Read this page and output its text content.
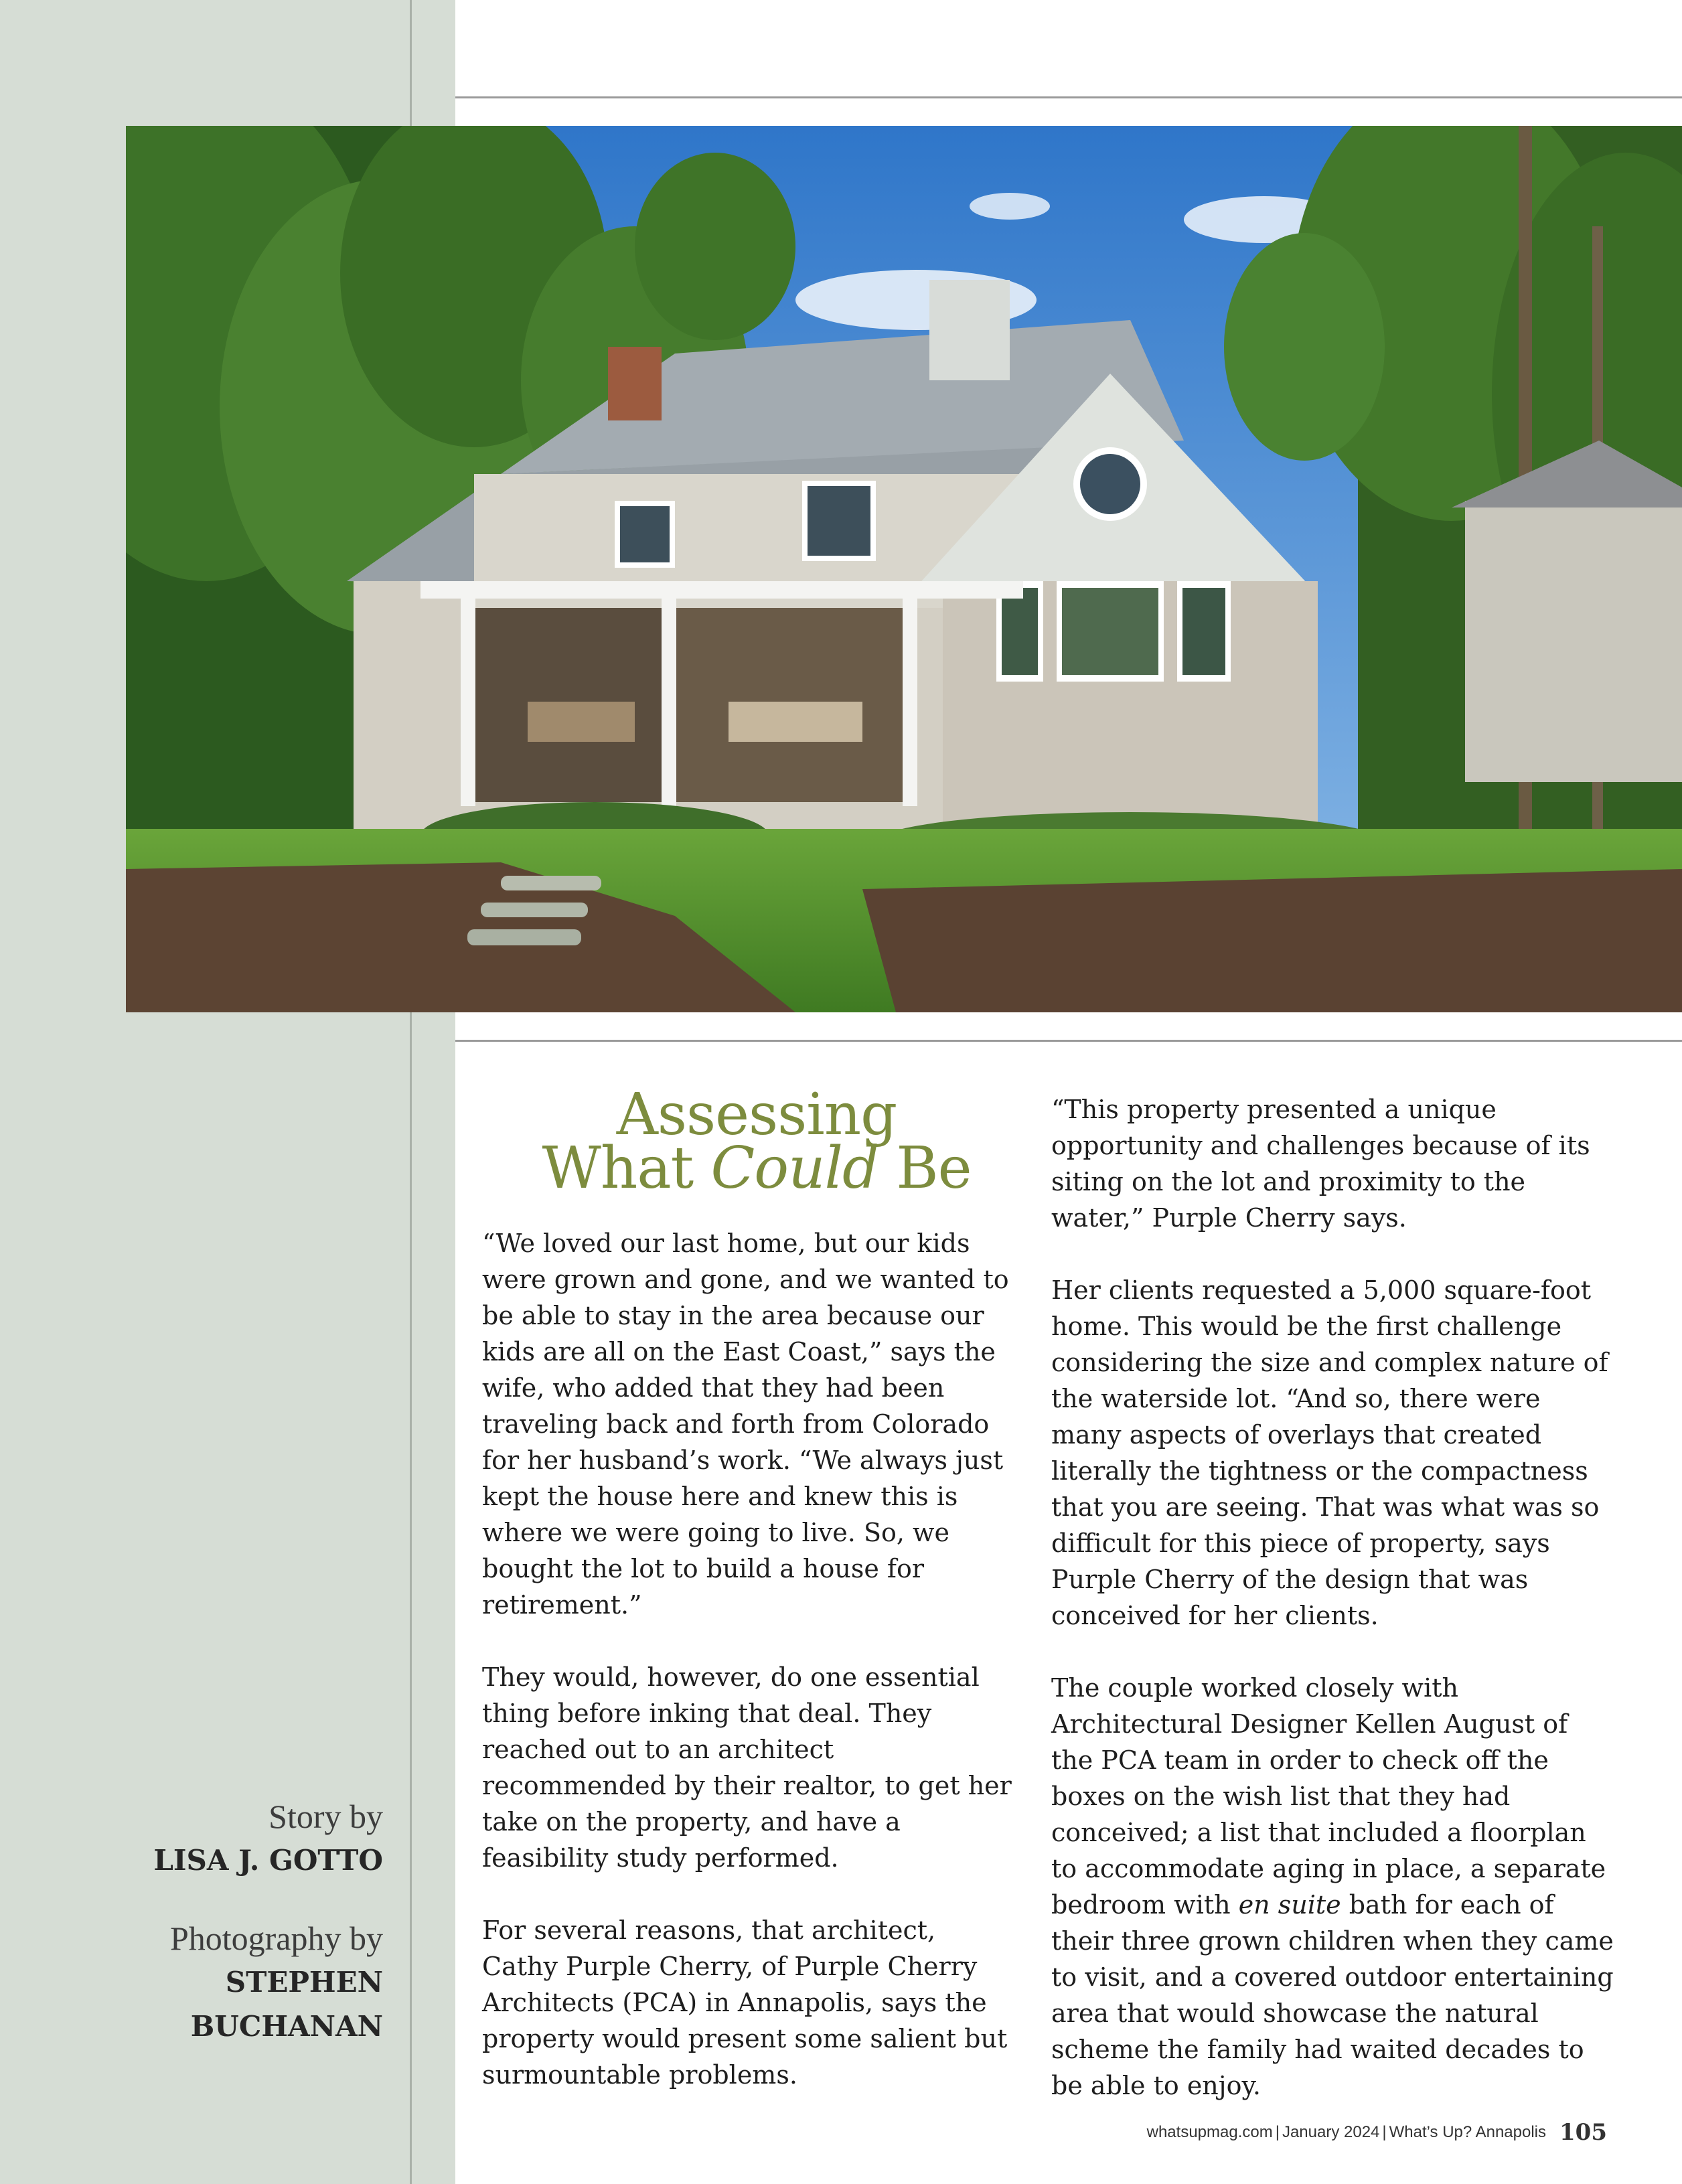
Assessing
What Could Be

“We loved our last home, but our kids were grown and gone, and we wanted to be able to stay in the area because our kids are all on the East Coast,” says the wife, who added that they had been traveling back and forth from Colorado for her husband’s work. “We always just kept the house here and knew this is where we were going to live. So, we bought the lot to build a house for retirement.”

They would, however, do one essential thing before inking that deal. They reached out to an architect recommended by their realtor, to get her take on the property, and have a feasibility study performed.

For several reasons, that architect, Cathy Purple Cherry, of Purple Cherry Architects (PCA) in Annapolis, says the property would present some salient but surmountable problems.

“This property presented a unique opportunity and challenges because of its siting on the lot and proximity to the water,” Purple Cherry says.

Her clients requested a 5,000 square-foot home. This would be the first challenge considering the size and complex nature of the waterside lot. “And so, there were many aspects of overlays that created literally the tightness or the compactness that you are seeing. That was what was so difficult for this piece of property, says Purple Cherry of the design that was conceived for her clients.

The couple worked closely with Architectural Designer Kellen August of the PCA team in order to check off the boxes on the wish list that they had conceived; a list that included a floorplan to accommodate aging in place, a separate bedroom with en suite bath for each of their three grown children when they came to visit, and a covered outdoor entertaining area that would showcase the natural scheme the family had waited decades to be able to enjoy.

Story by
LISA J. GOTTO
Photography by
STEPHEN
BUCHANAN
whatsupmag.com | January 2024 | What’s Up? Annapolis 105
